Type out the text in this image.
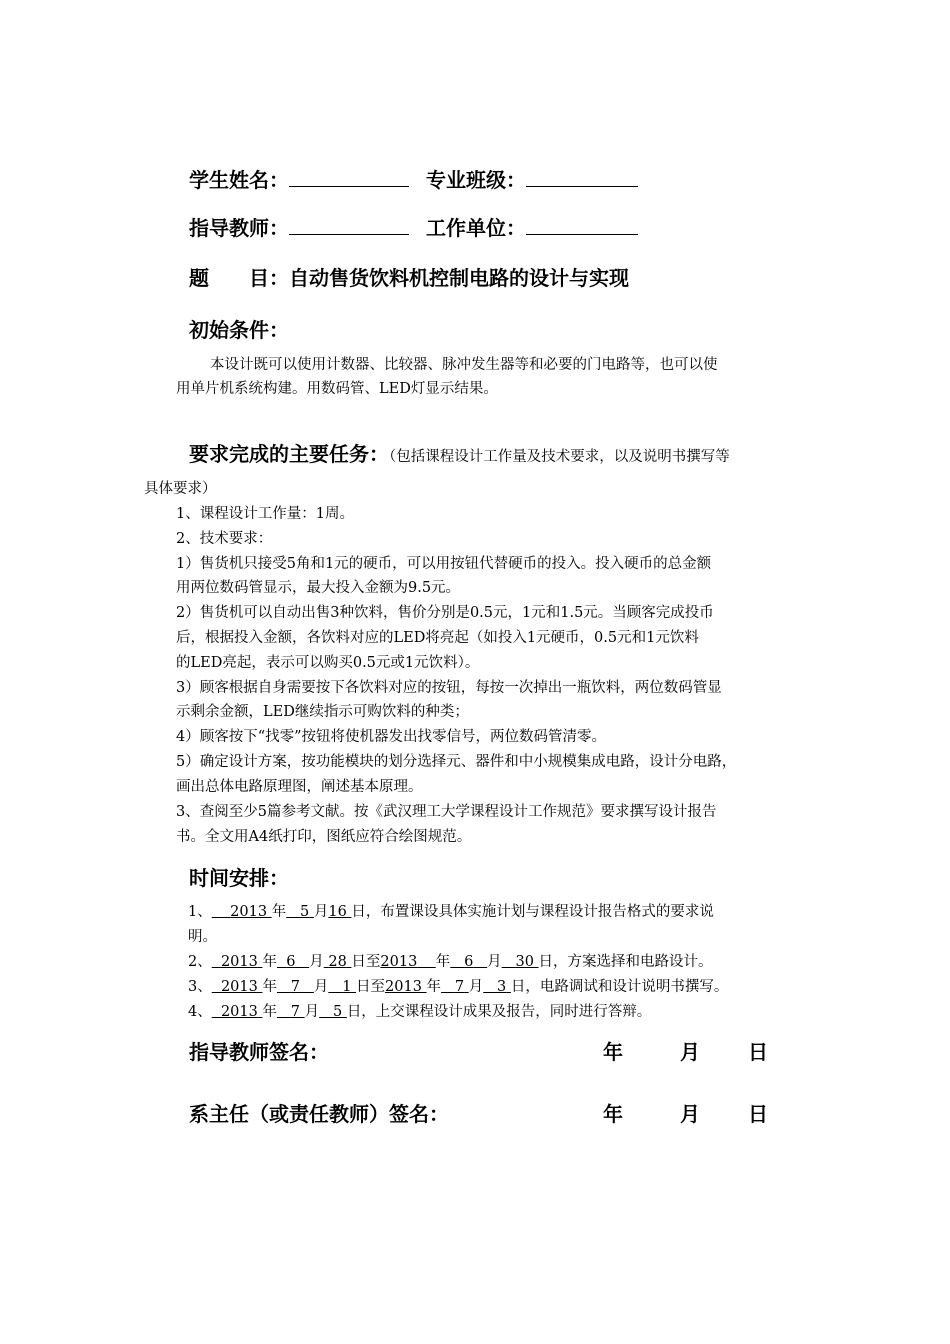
学生姓名：	专业班级：
指导教师：	工作单位：
题　　目：自动售货饮料机控制电路的设计与实现
初始条件：
本设计既可以使用计数器、比较器、脉冲发生器等和必要的门电路等，也可以使
用单片机系统构建。用数码管、LED灯显示结果。
要求完成的主要任务：（包括课程设计工作量及技术要求，以及说明书撰写等
具体要求）
1、课程设计工作量：1周。
2、技术要求：
1）售货机只接受5角和1元的硬币，可以用按钮代替硬币的投入。投入硬币的总金额
用两位数码管显示，最大投入金额为9.5元。
2）售货机可以自动出售3种饮料，售价分别是0.5元，1元和1.5元。当顾客完成投币
后，根据投入金额，各饮料对应的LED将亮起（如投入1元硬币，0.5元和1元饮料
的LED亮起，表示可以购买0.5元或1元饮料）。
3）顾客根据自身需要按下各饮料对应的按钮，每按一次掉出一瓶饮料，两位数码管显
示剩余金额，LED继续指示可购饮料的种类；
4）顾客按下“找零”按钮将使机器发出找零信号，两位数码管清零。
5）确定设计方案，按功能模块的划分选择元、器件和中小规模集成电路，设计分电路，
画出总体电路原理图，阐述基本原理。
3、查阅至少5篇参考文献。按《武汉理工大学课程设计工作规范》要求撰写设计报告
书。全文用A4纸打印，图纸应符合绘图规范。
时间安排：
1、 2013 年 5 月16 日，布置课设具体实施计划与课程设计报告格式的要求说
明。
2、 2013 年 6 月 28 日至2013 年 6 月 30 日，方案选择和电路设计。
3、 2013 年 7 月 1 日至2013 年 7 月 3 日，电路调试和设计说明书撰写。
4、 2013 年 7 月 5 日，上交课程设计成果及报告，同时进行答辩。
指导教师签名：	年	月 日
系主任（或责任教师）签名：	年	月 日
